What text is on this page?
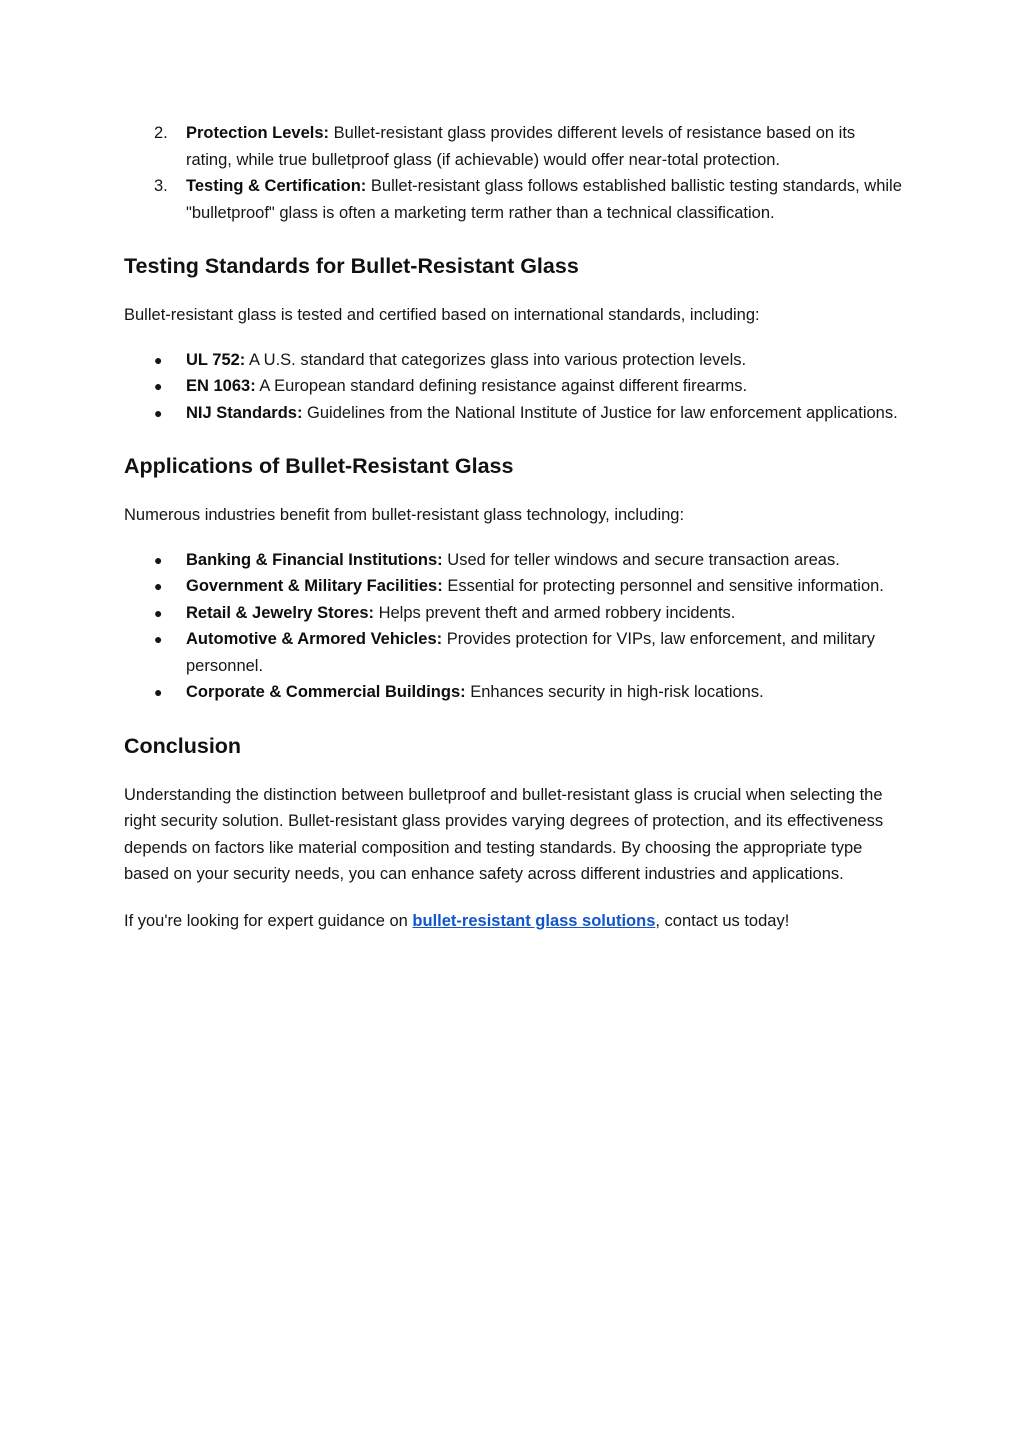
2. Protection Levels: Bullet-resistant glass provides different levels of resistance based on its rating, while true bulletproof glass (if achievable) would offer near-total protection.
3. Testing & Certification: Bullet-resistant glass follows established ballistic testing standards, while "bulletproof" glass is often a marketing term rather than a technical classification.
Testing Standards for Bullet-Resistant Glass

Bullet-resistant glass is tested and certified based on international standards, including:

● UL 752: A U.S. standard that categorizes glass into various protection levels.
● EN 1063: A European standard defining resistance against different firearms.
● NIJ Standards: Guidelines from the National Institute of Justice for law enforcement applications.
Applications of Bullet-Resistant Glass

Numerous industries benefit from bullet-resistant glass technology, including:

● Banking & Financial Institutions: Used for teller windows and secure transaction areas.
● Government & Military Facilities: Essential for protecting personnel and sensitive information.
● Retail & Jewelry Stores: Helps prevent theft and armed robbery incidents.
● Automotive & Armored Vehicles: Provides protection for VIPs, law enforcement, and military personnel.
● Corporate & Commercial Buildings: Enhances security in high-risk locations.
Conclusion

Understanding the distinction between bulletproof and bullet-resistant glass is crucial when selecting the right security solution. Bullet-resistant glass provides varying degrees of protection, and its effectiveness depends on factors like material composition and testing standards. By choosing the appropriate type based on your security needs, you can enhance safety across different industries and applications.

If you're looking for expert guidance on bullet-resistant glass solutions, contact us today!
